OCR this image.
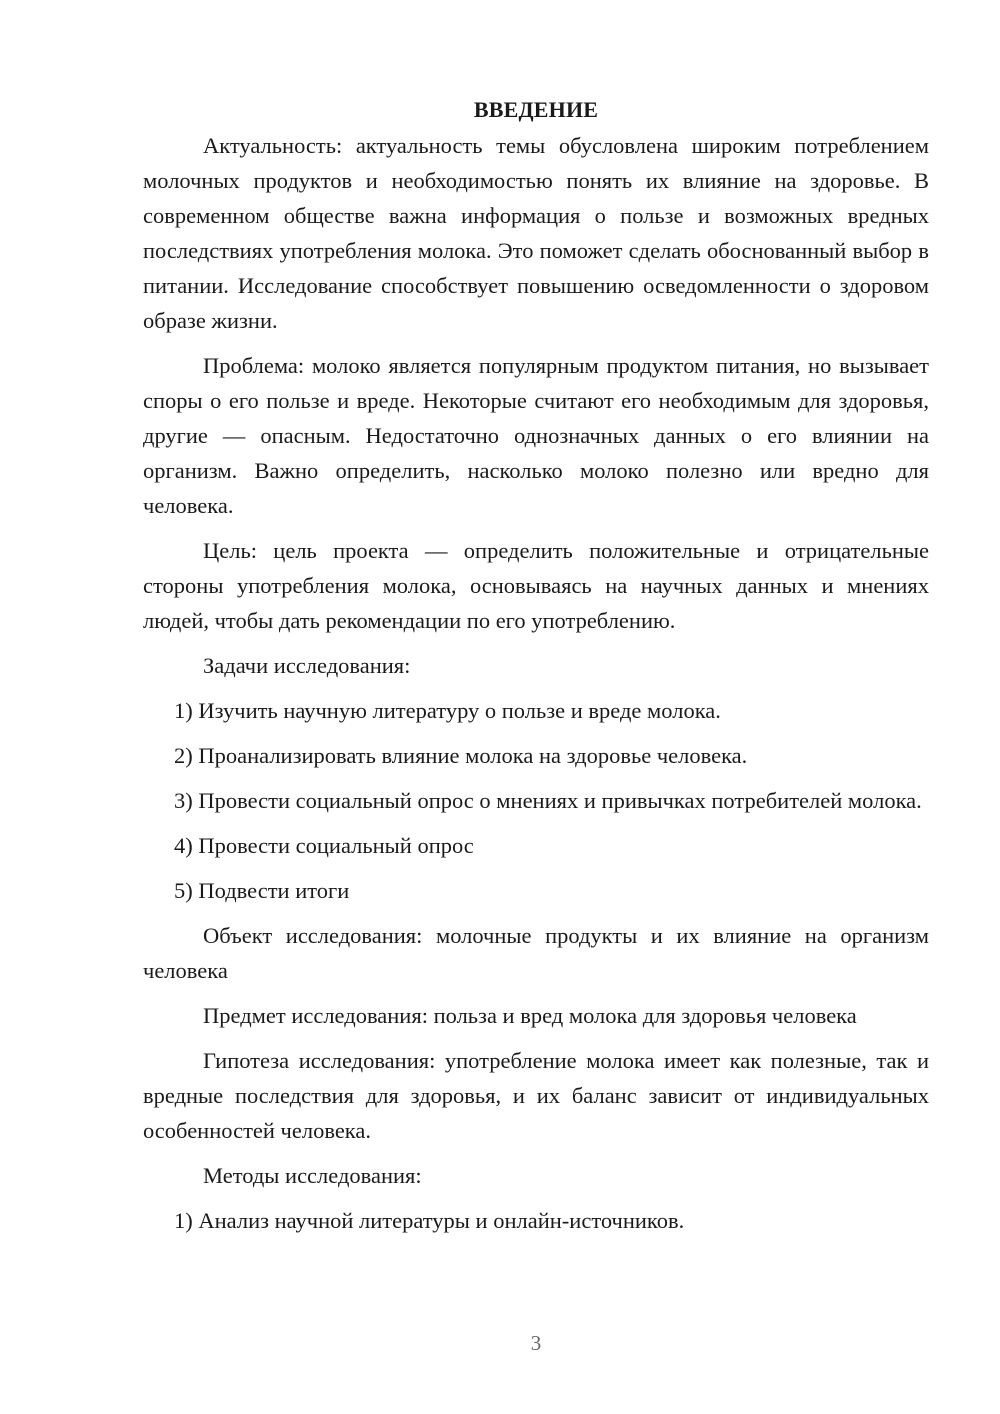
ВВЕДЕНИЕ

Актуальность: актуальность темы обусловлена широким потреблением молочных продуктов и необходимостью понять их влияние на здоровье. В современном обществе важна информация о пользе и возможных вредных последствиях употребления молока. Это поможет сделать обоснованный выбор в питании. Исследование способствует повышению осведомленности о здоровом образе жизни.

Проблема: молоко является популярным продуктом питания, но вызывает споры о его пользе и вреде. Некоторые считают его необходимым для здоровья, другие — опасным. Недостаточно однозначных данных о его влиянии на организм. Важно определить, насколько молоко полезно или вредно для человека.

Цель: цель проекта — определить положительные и отрицательные стороны употребления молока, основываясь на научных данных и мнениях людей, чтобы дать рекомендации по его употреблению.

Задачи исследования:

1) Изучить научную литературу о пользе и вреде молока.

2) Проанализировать влияние молока на здоровье человека.

3) Провести социальный опрос о мнениях и привычках потребителей молока.

4) Провести социальный опрос

5) Подвести итоги

Объект исследования: молочные продукты и их влияние на организм человека

Предмет исследования: польза и вред молока для здоровья человека

Гипотеза исследования: употребление молока имеет как полезные, так и вредные последствия для здоровья, и их баланс зависит от индивидуальных особенностей человека.

Методы исследования:

1) Анализ научной литературы и онлайн-источников.

3
